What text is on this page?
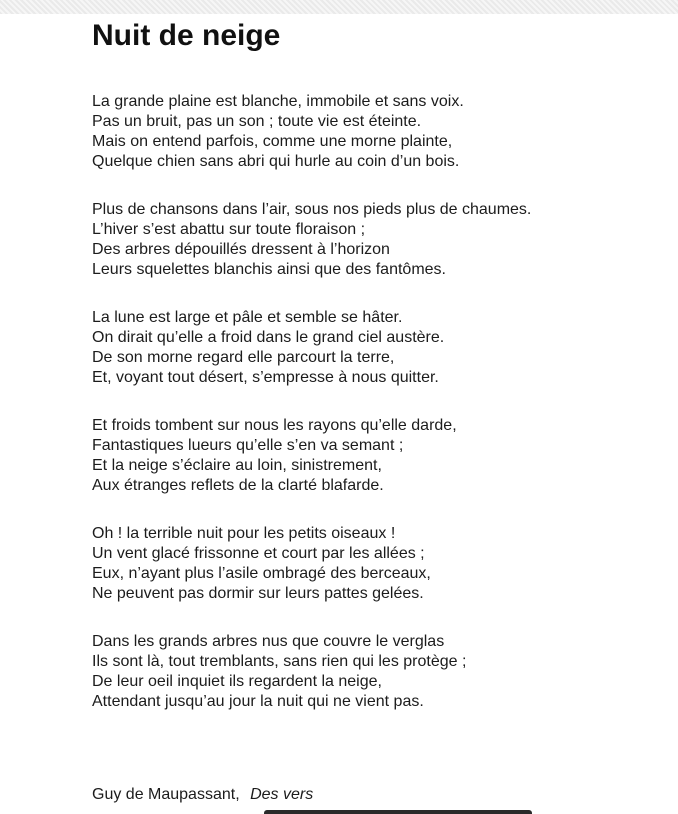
Nuit de neige
La grande plaine est blanche, immobile et sans voix.
Pas un bruit, pas un son ; toute vie est éteinte.
Mais on entend parfois, comme une morne plainte,
Quelque chien sans abri qui hurle au coin d’un bois.
Plus de chansons dans l’air, sous nos pieds plus de chaumes.
L’hiver s’est abattu sur toute floraison ;
Des arbres dépouillés dressent à l’horizon
Leurs squelettes blanchis ainsi que des fantômes.
La lune est large et pâle et semble se hâter.
On dirait qu’elle a froid dans le grand ciel austère.
De son morne regard elle parcourt la terre,
Et, voyant tout désert, s’empresse à nous quitter.
Et froids tombent sur nous les rayons qu’elle darde,
Fantastiques lueurs qu’elle s’en va semant ;
Et la neige s’éclaire au loin, sinistrement,
Aux étranges reflets de la clarté blafarde.
Oh ! la terrible nuit pour les petits oiseaux !
Un vent glacé frissonne et court par les allées ;
Eux, n’ayant plus l’asile ombragé des berceaux,
Ne peuvent pas dormir sur leurs pattes gelées.
Dans les grands arbres nus que couvre le verglas
Ils sont là, tout tremblants, sans rien qui les protège ;
De leur oeil inquiet ils regardent la neige,
Attendant jusqu’au jour la nuit qui ne vient pas.
Guy de Maupassant, Des vers
